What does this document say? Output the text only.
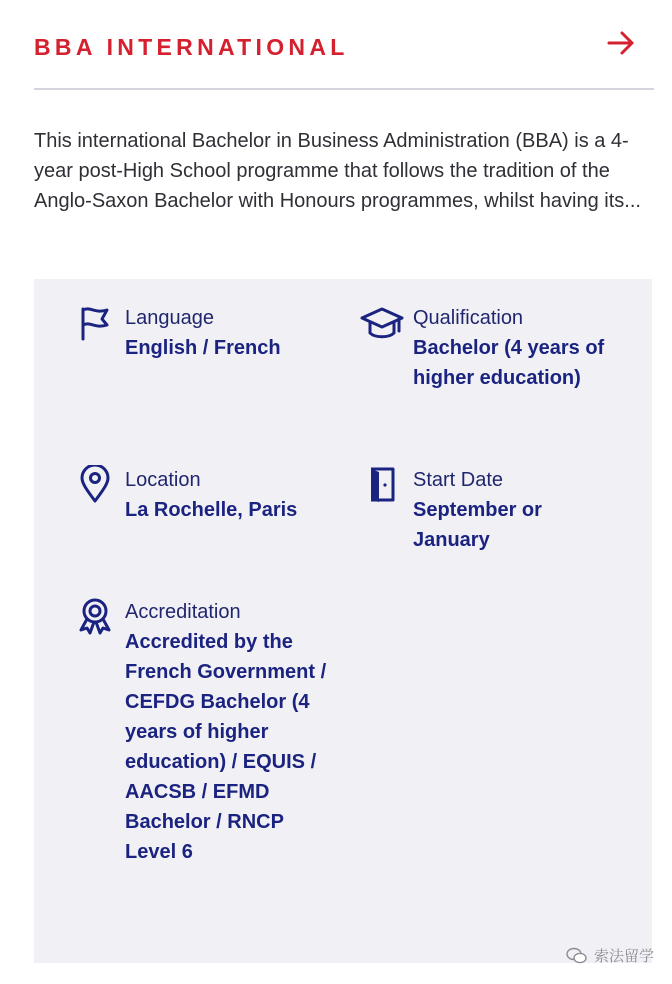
BBA INTERNATIONAL
This international Bachelor in Business Administration (BBA) is a 4-year post-High School programme that follows the tradition of the Anglo-Saxon Bachelor with Honours programmes, whilst having its...
Language
English / French
Qualification
Bachelor (4 years of higher education)
Location
La Rochelle, Paris
Start Date
September or January
Accreditation
Accredited by the French Government / CEFDG Bachelor (4 years of higher education) / EQUIS / AACSB / EFMD Bachelor / RNCP Level 6
索法留学
